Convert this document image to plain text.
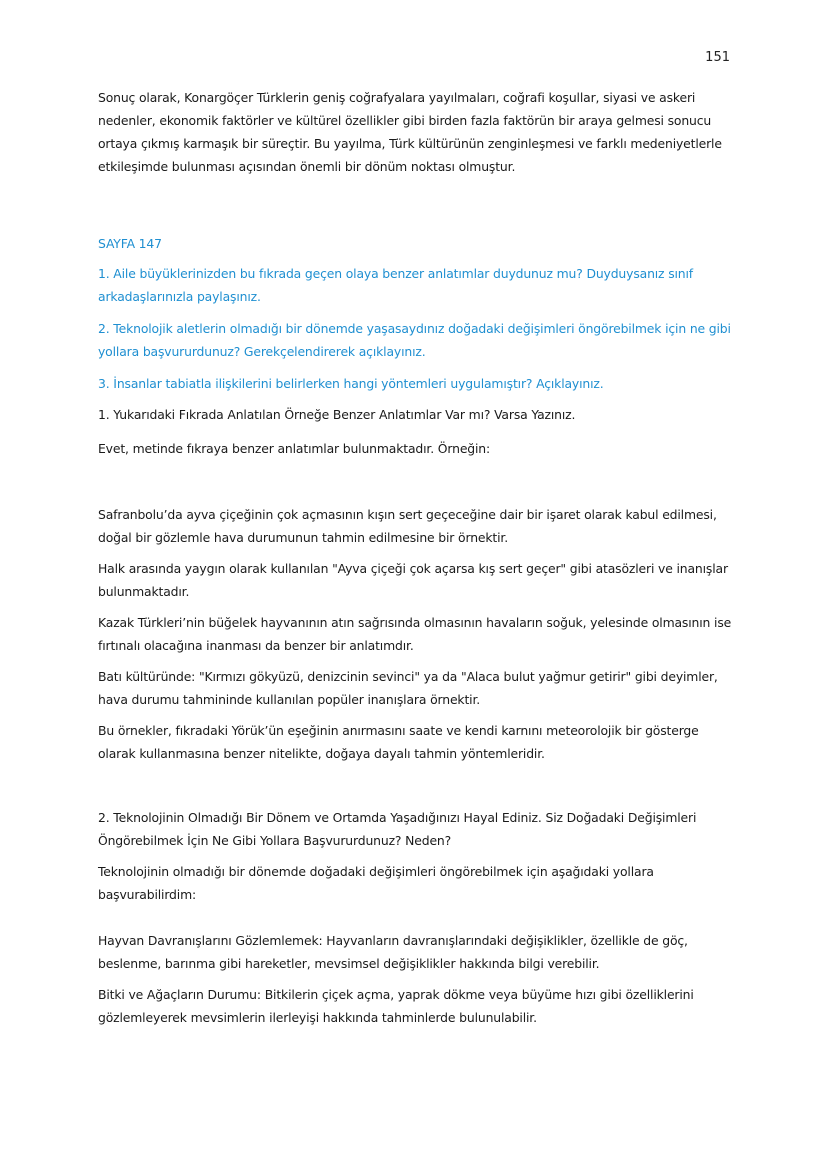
151

Sonuç olarak, Konargöçer Türklerin geniş coğrafyalara yayılmaları, coğrafi koşullar, siyasi ve askeri nedenler, ekonomik faktörler ve kültürel özellikler gibi birden fazla faktörün bir araya gelmesi sonucu ortaya çıkmış karmaşık bir süreçtir. Bu yayılma, Türk kültürünün zenginleşmesi ve farklı medeniyetlerle etkileşimde bulunması açısından önemli bir dönüm noktası olmuştur.

SAYFA 147

1. Aile büyüklerinizden bu fıkrada geçen olaya benzer anlatımlar duydunuz mu? Duyduysanız sınıf arkadaşlarınızla paylaşınız.

2. Teknolojik aletlerin olmadığı bir dönemde yaşasaydınız doğadaki değişimleri öngörebilmek için ne gibi yollara başvururdunuz? Gerekçelendirerek açıklayınız.

3. İnsanlar tabiatla ilişkilerini belirlerken hangi yöntemleri uygulamıştır? Açıklayınız.

1. Yukarıdaki Fıkrada Anlatılan Örneğe Benzer Anlatımlar Var mı? Varsa Yazınız.

Evet, metinde fıkraya benzer anlatımlar bulunmaktadır. Örneğin:

Safranbolu’da ayva çiçeğinin çok açmasının kışın sert geçeceğine dair bir işaret olarak kabul edilmesi, doğal bir gözlemle hava durumunun tahmin edilmesine bir örnektir.

Halk arasında yaygın olarak kullanılan "Ayva çiçeği çok açarsa kış sert geçer" gibi atasözleri ve inanışlar bulunmaktadır.

Kazak Türkleri’nin büğelek hayvanının atın sağrısında olmasının havaların soğuk, yelesinde olmasının ise fırtınalı olacağına inanması da benzer bir anlatımdır.

Batı kültüründe: "Kırmızı gökyüzü, denizcinin sevinci" ya da "Alaca bulut yağmur getirir" gibi deyimler, hava durumu tahmininde kullanılan popüler inanışlara örnektir.

Bu örnekler, fıkradaki Yörük’ün eşeğinin anırmasını saate ve kendi karnını meteorolojik bir gösterge olarak kullanmasına benzer nitelikte, doğaya dayalı tahmin yöntemleridir.

2. Teknolojinin Olmadığı Bir Dönem ve Ortamda Yaşadığınızı Hayal Ediniz. Siz Doğadaki Değişimleri Öngörebilmek İçin Ne Gibi Yollara Başvururdunuz? Neden?

Teknolojinin olmadığı bir dönemde doğadaki değişimleri öngörebilmek için aşağıdaki yollara başvurabilirdim:

Hayvan Davranışlarını Gözlemlemek: Hayvanların davranışlarındaki değişiklikler, özellikle de göç, beslenme, barınma gibi hareketler, mevsimsel değişiklikler hakkında bilgi verebilir.

Bitki ve Ağaçların Durumu: Bitkilerin çiçek açma, yaprak dökme veya büyüme hızı gibi özelliklerini gözlemleyerek mevsimlerin ilerleyişi hakkında tahminlerde bulunulabilir.
